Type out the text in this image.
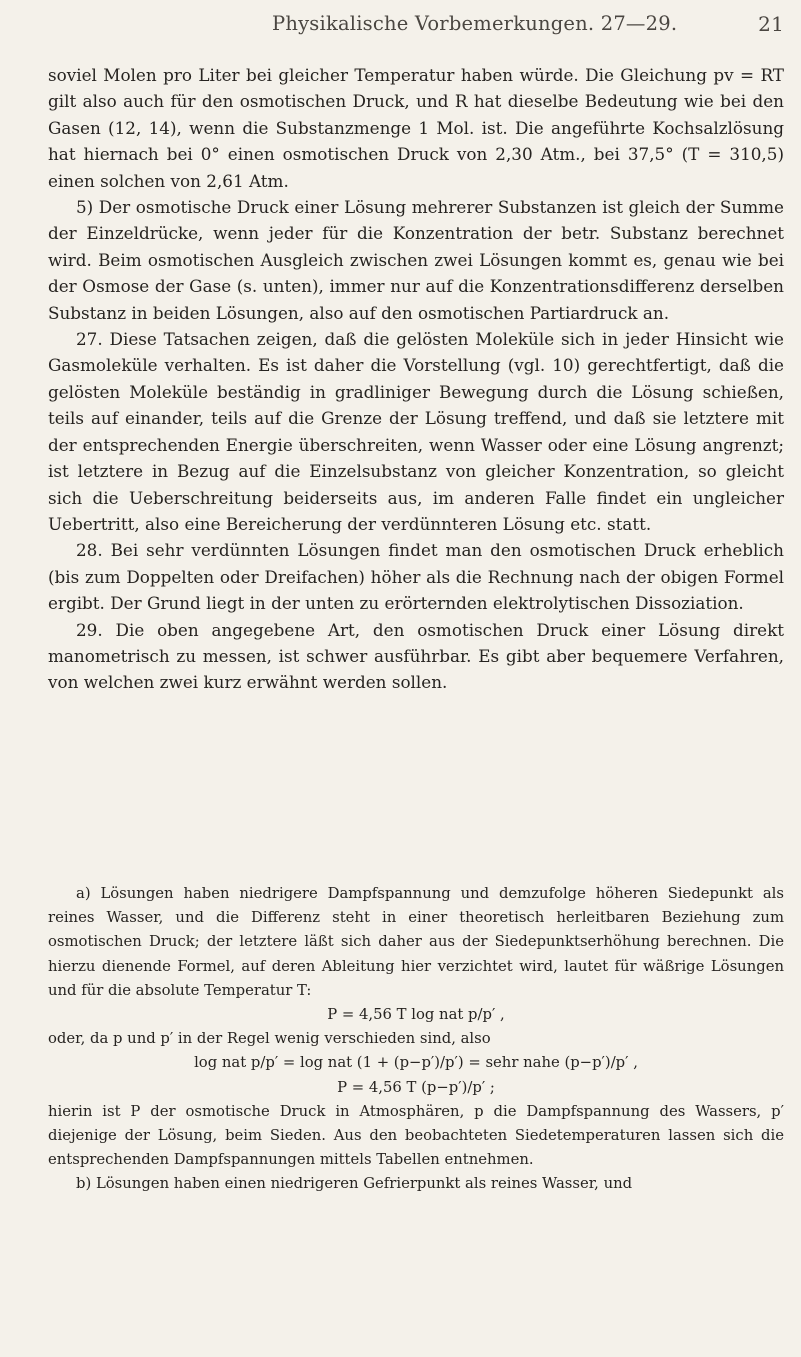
Physikalische Vorbemerkungen. 27—29.	21

soviel Molen pro Liter bei gleicher Temperatur haben würde. Die Gleichung pv = RT gilt also auch für den osmotischen Druck, und R hat dieselbe Bedeutung wie bei den Gasen (12, 14), wenn die Substanzmenge 1 Mol. ist. Die angeführte Kochsalzlösung hat hiernach bei 0° einen osmotischen Druck von 2,30 Atm., bei 37,5° (T = 310,5) einen solchen von 2,61 Atm.

5) Der osmotische Druck einer Lösung mehrerer Substanzen ist gleich der Summe der Einzeldrücke, wenn jeder für die Konzentration der betr. Substanz berechnet wird. Beim osmotischen Ausgleich zwischen zwei Lösungen kommt es, genau wie bei der Osmose der Gase (s. unten), immer nur auf die Konzentrationsdifferenz derselben Substanz in beiden Lösungen, also auf den osmotischen Partiardruck an.

27. Diese Tatsachen zeigen, daß die gelösten Moleküle sich in jeder Hinsicht wie Gasmoleküle verhalten. Es ist daher die Vorstellung (vgl. 10) gerechtfertigt, daß die gelösten Moleküle beständig in gradliniger Bewegung durch die Lösung schießen, teils auf einander, teils auf die Grenze der Lösung treffend, und daß sie letztere mit der entsprechenden Energie überschreiten, wenn Wasser oder eine Lösung angrenzt; ist letztere in Bezug auf die Einzelsubstanz von gleicher Konzentration, so gleicht sich die Ueberschreitung beiderseits aus, im anderen Falle findet ein ungleicher Uebertritt, also eine Bereicherung der verdünnteren Lösung etc. statt.

28. Bei sehr verdünnten Lösungen findet man den osmotischen Druck erheblich (bis zum Doppelten oder Dreifachen) höher als die Rechnung nach der obigen Formel ergibt. Der Grund liegt in der unten zu erörternden elektrolytischen Dissoziation.

29. Die oben angegebene Art, den osmotischen Druck einer Lösung direkt manometrisch zu messen, ist schwer ausführbar. Es gibt aber bequemere Verfahren, von welchen zwei kurz erwähnt werden sollen.

a) Lösungen haben niedrigere Dampfspannung und demzufolge höheren Siedepunkt als reines Wasser, und die Differenz steht in einer theoretisch herleitbaren Beziehung zum osmotischen Druck; der letztere läßt sich daher aus der Siedepunktserhöhung berechnen. Die hierzu dienende Formel, auf deren Ableitung hier verzichtet wird, lautet für wäßrige Lösungen und für die absolute Temperatur T:

P = 4,56 T log nat p/p′ ,

oder, da p und p′ in der Regel wenig verschieden sind, also

log nat p/p′ = log nat (1 + (p−p′)/p′) = sehr nahe (p−p′)/p′ ,

P = 4,56 T (p−p′)/p′ ;

hierin ist P der osmotische Druck in Atmosphären, p die Dampfspannung des Wassers, p′ diejenige der Lösung, beim Sieden. Aus den beobachteten Siedetemperaturen lassen sich die entsprechenden Dampfspannungen mittels Tabellen entnehmen.

b) Lösungen haben einen niedrigeren Gefrierpunkt als reines Wasser, und
